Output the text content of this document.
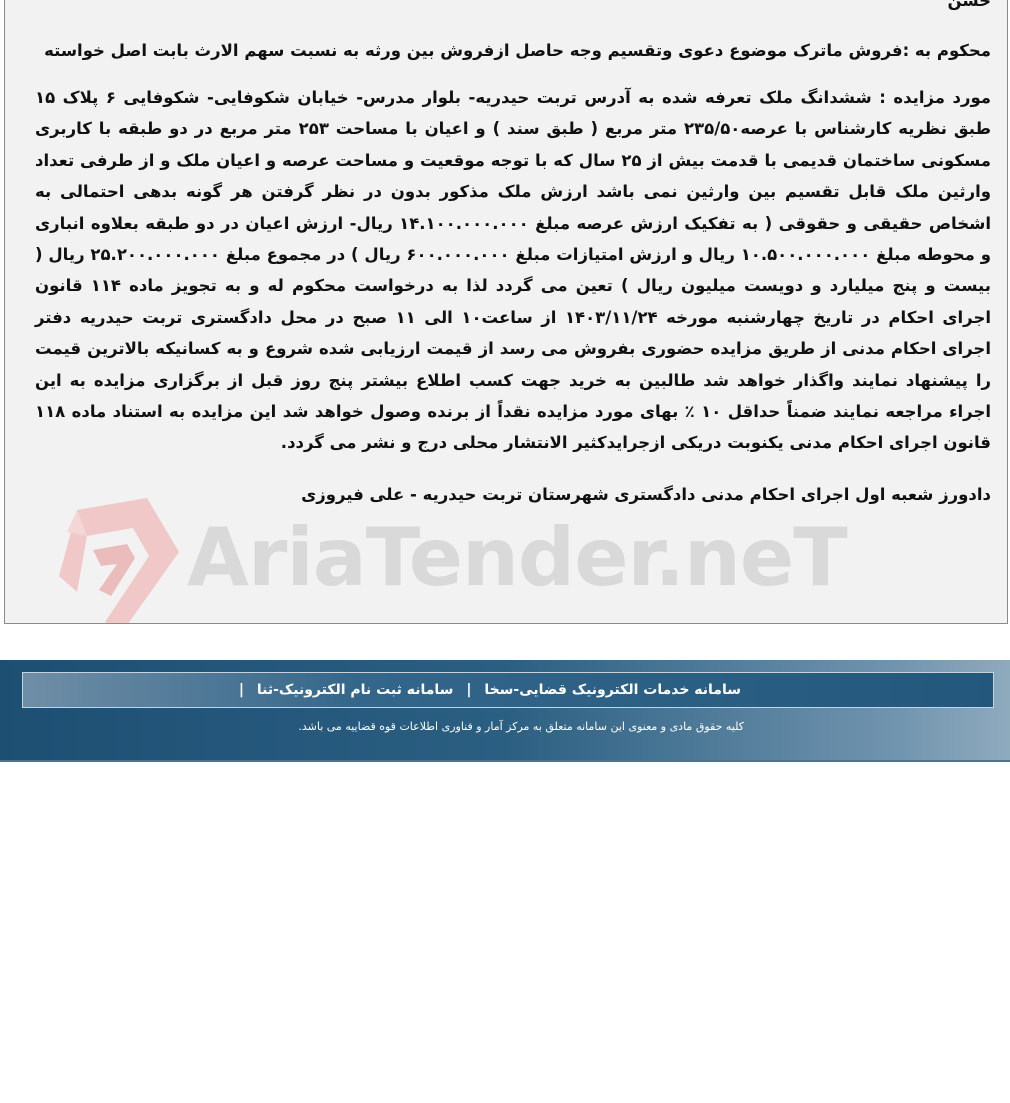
AriaTender.neT
حسن

محکوم به :فروش ماترک موضوع دعوی وتقسیم وجه حاصل ازفروش بین ورثه به نسبت سهم الارث بابت اصل خواسته

مورد مزایده : ششدانگ ملک تعرفه شده به آدرس تربت حیدریه- بلوار مدرس- خیابان شکوفایی- شکوفایی ۶ پلاک ۱۵ طبق نظریه کارشناس با عرصه۲۳۵/۵۰ متر مربع ( طبق سند ) و اعیان با مساحت ۲۵۳ متر مربع در دو طبقه با کاربری مسکونی ساختمان قدیمی با قدمت بیش از ۲۵ سال که با توجه موقعیت و مساحت عرصه و اعیان ملک و از طرفی تعداد وارثین ملک قابل تقسیم بین وارثین نمی باشد ارزش ملک مذکور بدون در نظر گرفتن هر گونه بدهی احتمالی به اشخاص حقیقی و حقوقی ( به تفکیک ارزش عرصه مبلغ ۱۴.۱۰۰.۰۰۰.۰۰۰ ریال- ارزش اعیان در دو طبقه بعلاوه انباری و محوطه مبلغ ۱۰.۵۰۰.۰۰۰.۰۰۰ ریال و ارزش امتیازات مبلغ ۶۰۰.۰۰۰.۰۰۰ ریال ) در مجموع مبلغ ۲۵.۲۰۰.۰۰۰.۰۰۰ ریال ( بیست و پنج میلیارد و دویست میلیون ریال ) تعین می گردد لذا به درخواست محکوم له و به تجویز ماده ۱۱۴ قانون اجرای احکام در تاریخ چهارشنبه مورخه ۱۴۰۳/۱۱/۲۴ از ساعت۱۰ الی ۱۱ صبح در محل دادگستری تربت حیدریه دفتر اجرای احکام مدنی از طریق مزایده حضوری بفروش می رسد از قیمت ارزیابی شده شروع و به کسانیکه بالاترین قیمت را پیشنهاد نمایند واگذار خواهد شد طالبین به خرید جهت کسب اطلاع بیشتر پنج روز قبل از برگزاری مزایده به این اجراء مراجعه نمایند ضمناً حداقل ۱۰ ٪ بهای مورد مزایده نقداً از برنده وصول خواهد شد این مزایده به استناد ماده ۱۱۸ قانون اجرای احکام مدنی یکنوبت دریکی ازجرایدکثیر الانتشار محلی درج و نشر می گردد.

دادورز شعبه اول اجرای احکام مدنی دادگستری شهرستان تربت حیدریه - علی فیروزی

سامانه خدمات الکترونیک قضایی-سخا | سامانه ثبت نام الکترونیک-ثنا |
کلیه حقوق مادی و معنوی این سامانه متعلق به مرکز آمار و فناوری اطلاعات قوه قضاییه می باشد.
